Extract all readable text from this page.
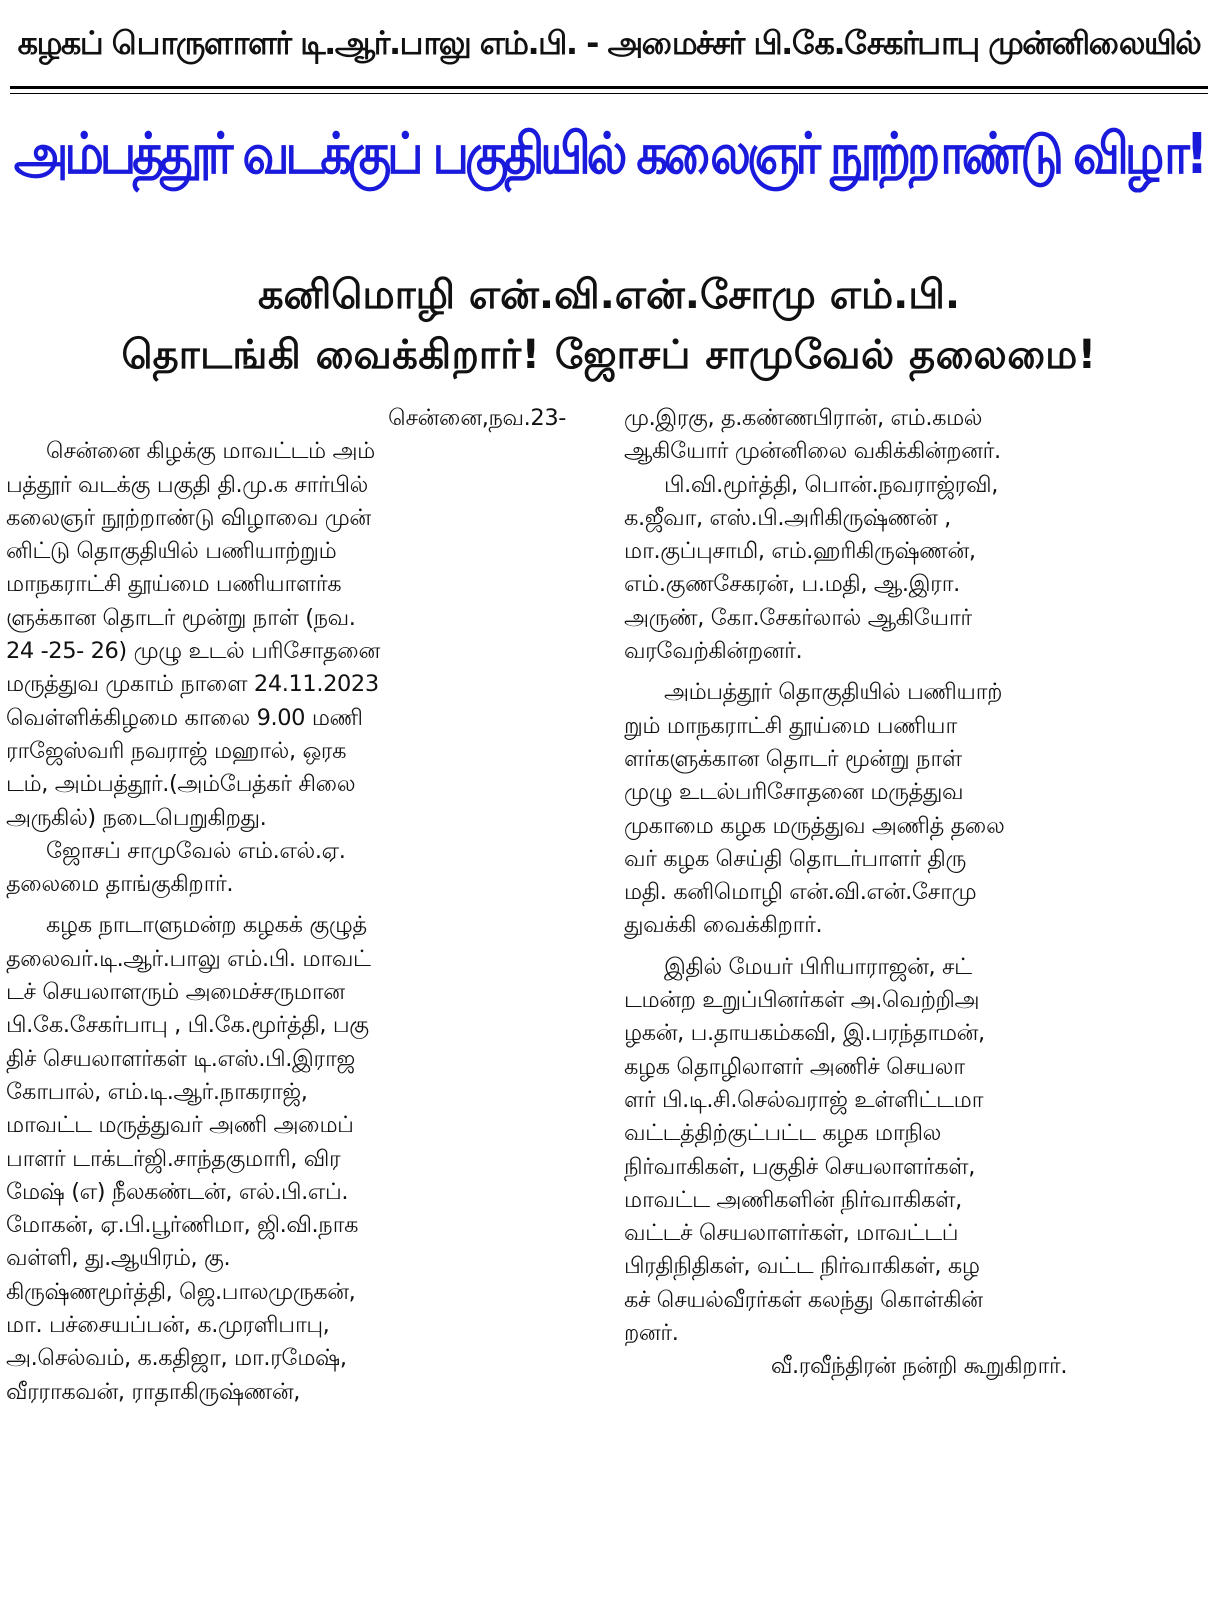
கழகப் பொருளாளர் டி.ஆர்.பாலு எம்.பி. - அமைச்சர் பி.கே.சேகர்பாபு முன்னிலையில்
அம்பத்தூர் வடக்குப் பகுதியில் கலைஞர் நூற்றாண்டு விழா!
கனிமொழி என்.வி.என்.சோமு எம்.பி.
தொடங்கி வைக்கிறார்! ஜோசப் சாமுவேல் தலைமை!
சென்னை,நவ.23-
சென்னை கிழக்கு மாவட்டம் அம்
பத்தூர் வடக்கு பகுதி தி.மு.க சார்பில்
கலைஞர் நூற்றாண்டு விழாவை முன்
னிட்டு தொகுதியில் பணியாற்றும்
மாநகராட்சி தூய்மை பணியாளர்க
ளுக்கான தொடர் மூன்று நாள் (நவ.
24 -25- 26) முழு உடல் பரிசோதனை
மருத்துவ முகாம் நாளை 24.11.2023
வெள்ளிக்கிழமை காலை 9.00 மணி
ராஜேஸ்வரி நவராஜ் மஹால், ஒரக
டம், அம்பத்தூர்.(அம்பேத்கர் சிலை
அருகில்) நடைபெறுகிறது.
ஜோசப் சாமுவேல் எம்.எல்.ஏ.
தலைமை தாங்குகிறார்.
கழக நாடாளுமன்ற கழகக் குழுத்
தலைவர்.டி.ஆர்.பாலு எம்.பி. மாவட்
டச் செயலாளரும் அமைச்சருமான
பி.கே.சேகர்பாபு , பி.கே.மூர்த்தி, பகு
திச் செயலாளர்கள் டி.எஸ்.பி.இராஜ
கோபால், எம்.டி.ஆர்.நாகராஜ்,
மாவட்ட மருத்துவர் அணி அமைப்
பாளர் டாக்டர்ஜி.சாந்தகுமாரி, விர
மேஷ் (எ) நீலகண்டன், எல்.பி.எப்.
மோகன், ஏ.பி.பூர்ணிமா, ஜி.வி.நாக
வள்ளி, து.ஆயிரம், கு.
கிருஷ்ணமூர்த்தி, ஜெ.பாலமுருகன்,
மா. பச்சையப்பன், க.முரளிபாபு,
அ.செல்வம், க.கதிஜா, மா.ரமேஷ்,
வீரராகவன், ராதாகிருஷ்ணன்,
மு.இரகு, த.கண்ணபிரான், எம்.கமல்
ஆகியோர் முன்னிலை வகிக்கின்றனர்.
பி.வி.மூர்த்தி, பொன்.நவராஜ்ரவி,
க.ஜீவா, எஸ்.பி.அரிகிருஷ்ணன் ,
மா.குப்புசாமி, எம்.ஹரிகிருஷ்ணன்,
எம்.குணசேகரன், ப.மதி, ஆ.இரா.
அருண், கோ.சேகர்லால் ஆகியோர்
வரவேற்கின்றனர்.
அம்பத்தூர் தொகுதியில் பணியாற்
றும் மாநகராட்சி தூய்மை பணியா
ளர்களுக்கான தொடர் மூன்று நாள்
முழு உடல்பரிசோதனை மருத்துவ
முகாமை கழக மருத்துவ அணித் தலை
வர் கழக செய்தி தொடர்பாளர் திரு
மதி. கனிமொழி என்.வி.என்.சோமு
துவக்கி வைக்கிறார்.
இதில் மேயர் பிரியாராஜன், சட்
டமன்ற உறுப்பினர்கள் அ.வெற்றிஅ
ழகன், ப.தாயகம்கவி, இ.பரந்தாமன்,
கழக தொழிலாளர் அணிச் செயலா
ளர் பி.டி.சி.செல்வராஜ் உள்ளிட்டமா
வட்டத்திற்குட்பட்ட கழக மாநில
நிர்வாகிகள், பகுதிச் செயலாளர்கள்,
மாவட்ட அணிகளின் நிர்வாகிகள்,
வட்டச் செயலாளர்கள், மாவட்டப்
பிரதிநிதிகள், வட்ட நிர்வாகிகள், கழ
கச் செயல்வீரர்கள் கலந்து கொள்கின்
றனர்.
வீ.ரவீந்திரன் நன்றி கூறுகிறார்.
